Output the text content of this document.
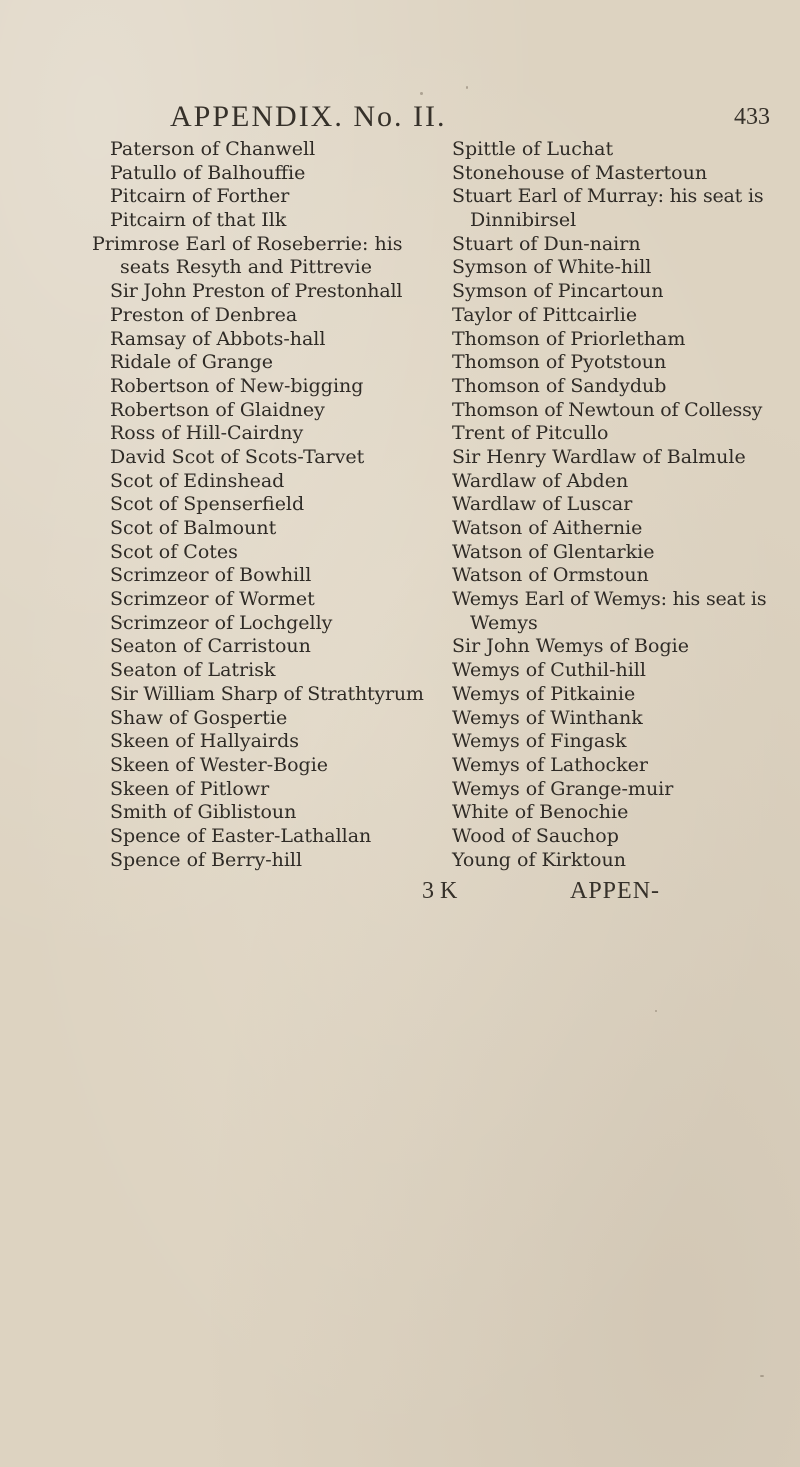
APPENDIX. No. II.	433
Paterson of Chanwell
Patullo of Balhouffie
Pitcairn of Forther
Pitcairn of that Ilk
Primrose Earl of Roseberrie: his
seats Resyth and Pittrevie
Sir John Preston of Prestonhall
Preston of Denbrea
Ramsay of Abbots-hall
Ridale of Grange
Robertson of New-bigging
Robertson of Glaidney
Ross of Hill-Cairdny
David Scot of Scots-Tarvet
Scot of Edinshead
Scot of Spenserfield
Scot of Balmount
Scot of Cotes
Scrimzeor of Bowhill
Scrimzeor of Wormet
Scrimzeor of Lochgelly
Seaton of Carristoun
Seaton of Latrisk
Sir William Sharp of Strathtyrum
Shaw of Gospertie
Skeen of Hallyairds
Skeen of Wester-Bogie
Skeen of Pitlowr
Smith of Giblistoun
Spence of Easter-Lathallan
Spence of Berry-hill
Spittle of Luchat
Stonehouse of Mastertoun
Stuart Earl of Murray: his seat is
Dinnibirsel
Stuart of Dun-nairn
Symson of White-hill
Symson of Pincartoun
Taylor of Pittcairlie
Thomson of Priorletham
Thomson of Pyotstoun
Thomson of Sandydub
Thomson of Newtoun of Collessy
Trent of Pitcullo
Sir Henry Wardlaw of Balmule
Wardlaw of Abden
Wardlaw of Luscar
Watson of Aithernie
Watson of Glentarkie
Watson of Ormstoun
Wemys Earl of Wemys: his seat is
Wemys
Sir John Wemys of Bogie
Wemys of Cuthil-hill
Wemys of Pitkainie
Wemys of Winthank
Wemys of Fingask
Wemys of Lathocker
Wemys of Grange-muir
White of Benochie
Wood of Sauchop
Young of Kirktoun
3 K	APPEN-
